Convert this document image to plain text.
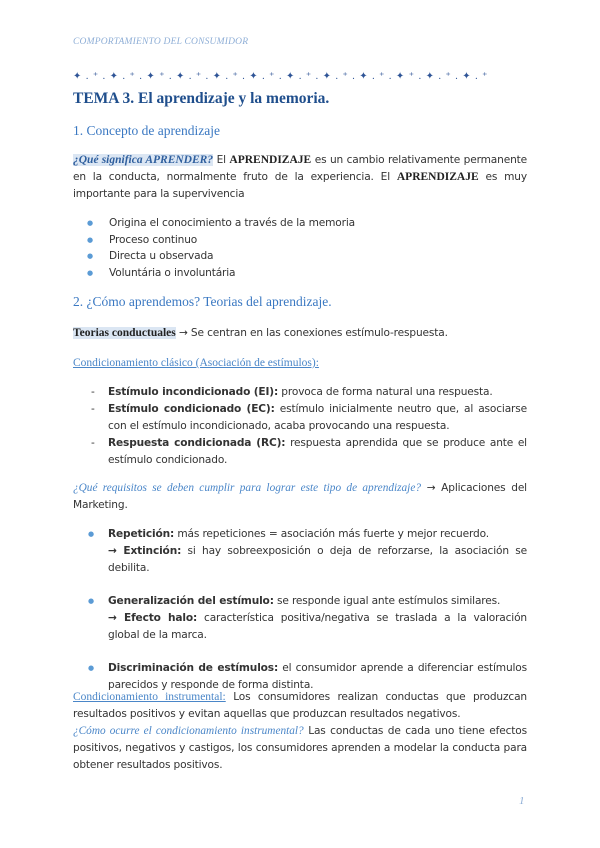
COMPORTAMIENTO DEL CONSUMIDOR
✦ . ⁺ . ✦ . ⁺ . ✦ ⁺ . ✦ . ⁺ . ✦ . ⁺ . ✦ . ⁺ . ✦ . ⁺ . ✦ . ⁺ . ✦ . ⁺ . ✦ ⁺ . ✦ . ⁺ . ✦ . ⁺
TEMA 3. El aprendizaje y la memoria.
1. Concepto de aprendizaje
¿Qué significa APRENDER? El APRENDIZAJE es un cambio relativamente permanente en la conducta, normalmente fruto de la experiencia. El APRENDIZAJE es muy importante para la supervivencia
● Origina el conocimiento a través de la memoria
● Proceso continuo
● Directa u observada
● Voluntária o involuntária
2. ¿Cómo aprendemos? Teorias del aprendizaje.
Teorias conductuales → Se centran en las conexiones estímulo-respuesta.
Condicionamiento clásico (Asociación de estímulos):
- Estímulo incondicionado (EI): provoca de forma natural una respuesta.
- Estímulo condicionado (EC): estímulo inicialmente neutro que, al asociarse con el estímulo incondicionado, acaba provocando una respuesta.
- Respuesta condicionada (RC): respuesta aprendida que se produce ante el estímulo condicionado.
¿Qué requisitos se deben cumplir para lograr este tipo de aprendizaje? → Aplicaciones del Marketing.
● Repetición: más repeticiones = asociación más fuerte y mejor recuerdo.
→ Extinción: si hay sobreexposición o deja de reforzarse, la asociación se debilita.
● Generalización del estímulo: se responde igual ante estímulos similares.
→ Efecto halo: característica positiva/negativa se traslada a la valoración global de la marca.
● Discriminación de estímulos: el consumidor aprende a diferenciar estímulos parecidos y responde de forma distinta.
Condicionamiento instrumental: Los consumidores realizan conductas que produzcan resultados positivos y evitan aquellas que produzcan resultados negativos.
¿Cómo ocurre el condicionamiento instrumental? Las conductas de cada uno tiene efectos positivos, negativos y castigos, los consumidores aprenden a modelar la conducta para obtener resultados positivos.
1
